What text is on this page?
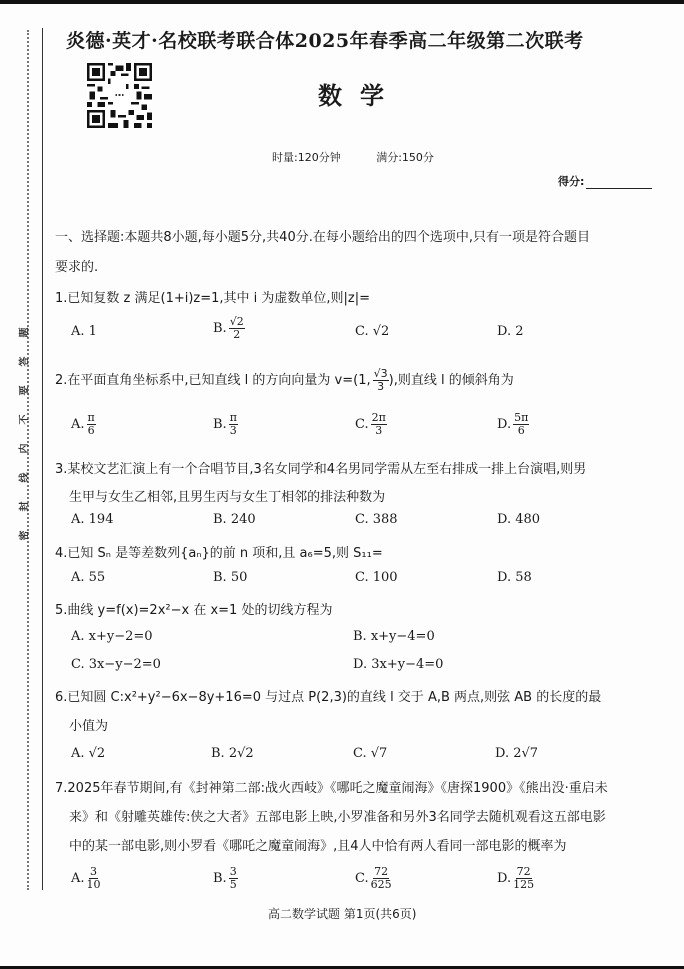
题
答
要
不
内
线
封
密
炎德·英才·名校联考联合体2025年春季高二年级第二次联考
数学
时量:120分钟	满分:150分
得分:
一、选择题:本题共8小题,每小题5分,共40分.在每小题给出的四个选项中,只有一项是符合题目
要求的.
1.已知复数 z 满足(1+i)z=1,其中 i 为虚数单位,则|z|=
A. 1	B. $\frac{√2}{2}$	C. √2	D. 2
2.在平面直角坐标系中,已知直线 l 的方向向量为 v=(1, $\frac{√3}{3}$ ),则直线 l 的倾斜角为
A. $\frac{\pi}{6}$	B. $\frac{\pi}{3}$	C. $\frac{2\pi}{3}$	D. $\frac{5\pi}{6}$
3.某校文艺汇演上有一个合唱节目,3名女同学和4名男同学需从左至右排成一排上台演唱,则男
生甲与女生乙相邻,且男生丙与女生丁相邻的排法种数为
A. 194	B. 240	C. 388	D. 480
4.已知 Sₙ 是等差数列{aₙ}的前 n 项和,且 a₆=5,则 S₁₁=
A. 55	B. 50	C. 100	D. 58
5.曲线 y=f(x)=2x²−x 在 x=1 处的切线方程为
A. x+y−2=0	B. x+y−4=0
C. 3x−y−2=0	D. 3x+y−4=0
6.已知圆 C:x²+y²−6x−8y+16=0 与过点 P(2,3)的直线 l 交于 A,B 两点,则弦 AB 的长度的最
小值为
A. √2	B. 2√2	C. √7	D. 2√7
7.2025年春节期间,有《封神第二部:战火西岐》《哪吒之魔童闹海》《唐探1900》《熊出没·重启未
来》和《射雕英雄传:侠之大者》五部电影上映,小罗准备和另外3名同学去随机观看这五部电影
中的某一部电影,则小罗看《哪吒之魔童闹海》,且4人中恰有两人看同一部电影的概率为
A. $\frac{3}{10}$	B. $\frac{3}{5}$	C. $\frac{72}{625}$	D. $\frac{72}{125}$
高二数学试题 第1页(共6页)
